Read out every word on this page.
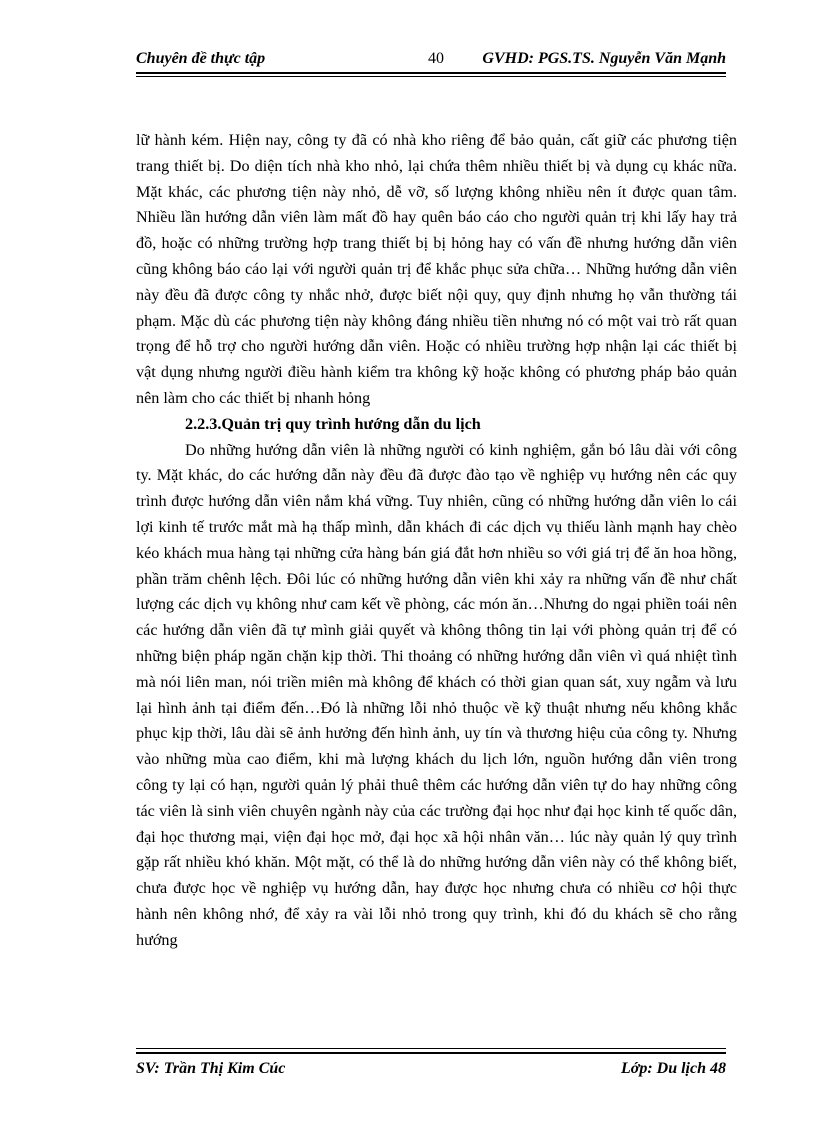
Chuyên đề thực tập	40 GVHD: PGS.TS. Nguyễn Văn Mạnh

lữ hành kém. Hiện nay, công ty đã có nhà kho riêng để bảo quản, cất giữ các phương tiện trang thiết bị. Do diện tích nhà kho nhỏ, lại chứa thêm nhiều thiết bị và dụng cụ khác nữa. Mặt khác, các phương tiện này nhỏ, dễ vỡ, số lượng không nhiều nên ít được quan tâm. Nhiều lần hướng dẫn viên làm mất đồ hay quên báo cáo cho người quản trị khi lấy hay trả đồ, hoặc có những trường hợp trang thiết bị bị hỏng hay có vấn đề nhưng hướng dẫn viên cũng không báo cáo lại với người quản trị để khắc phục sửa chữa… Những hướng dẫn viên này đều đã được công ty nhắc nhở, được biết nội quy, quy định nhưng họ vẫn thường tái phạm. Mặc dù các phương tiện này không đáng nhiều tiền nhưng nó có một vai trò rất quan trọng để hỗ trợ cho người hướng dẫn viên. Hoặc có nhiều trường hợp nhận lại các thiết bị vật dụng nhưng người điều hành kiểm tra không kỹ hoặc không có phương pháp bảo quản nên làm cho các thiết bị nhanh hỏng

2.2.3.Quản trị quy trình hướng dẫn du lịch

Do những hướng dẫn viên là những người có kinh nghiệm, gắn bó lâu dài với công ty. Mặt khác, do các hướng dẫn này đều đã được đào tạo về nghiệp vụ hướng nên các quy trình được hướng dẫn viên nắm khá vững. Tuy nhiên, cũng có những hướng dẫn viên lo cái lợi kinh tế trước mắt mà hạ thấp mình, dẫn khách đi các dịch vụ thiếu lành mạnh hay chèo kéo khách mua hàng tại những cửa hàng bán giá đắt hơn nhiều so với giá trị để ăn hoa hồng, phần trăm chênh lệch. Đôi lúc có những hướng dẫn viên khi xảy ra những vấn đề như chất lượng các dịch vụ không như cam kết về phòng, các món ăn…Nhưng do ngại phiền toái nên các hướng dẫn viên đã tự mình giải quyết và không thông tin lại với phòng quản trị để có những biện pháp ngăn chặn kịp thời. Thi thoảng có những hướng dẫn viên vì quá nhiệt tình mà nói liên man, nói triền miên mà không để khách có thời gian quan sát, xuy ngẫm và lưu lại hình ảnh tại điểm đến…Đó là những lỗi nhỏ thuộc về kỹ thuật nhưng nếu không khắc phục kịp thời, lâu dài sẽ ảnh hưởng đến hình ảnh, uy tín và thương hiệu của công ty. Nhưng vào những mùa cao điểm, khi mà lượng khách du lịch lớn, nguồn hướng dẫn viên trong công ty lại có hạn, người quản lý phải thuê thêm các hướng dẫn viên tự do hay những công tác viên là sinh viên chuyên ngành này của các trường đại học như đại học kinh tế quốc dân, đại học thương mại, viện đại học mở, đại học xã hội nhân văn… lúc này quản lý quy trình gặp rất nhiều khó khăn. Một mặt, có thể là do những hướng dẫn viên này có thể không biết, chưa được học về nghiệp vụ hướng dẫn, hay được học nhưng chưa có nhiều cơ hội thực hành nên không nhớ, để xảy ra vài lỗi nhỏ trong quy trình, khi đó du khách sẽ cho rằng hướng

SV: Trần Thị Kim Cúc	Lớp: Du lịch 48
